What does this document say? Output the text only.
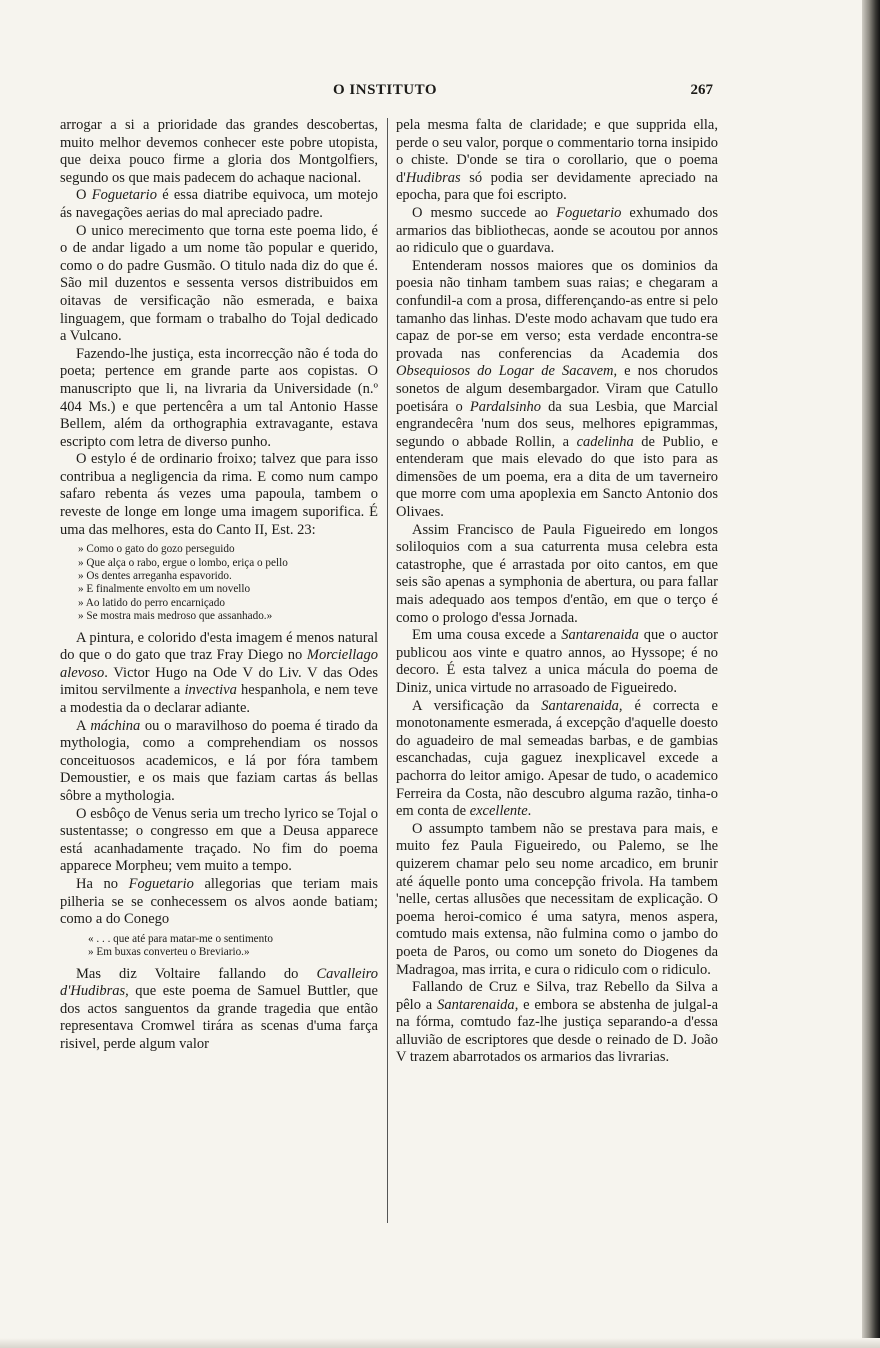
O INSTITUTO	267

arrogar a si a prioridade das grandes descobertas, muito melhor devemos conhecer este pobre utopista, que deixa pouco firme a gloria dos Montgolfiers, segundo os que mais padecem do achaque nacional.

O Foguetario é essa diatribe equivoca, um motejo ás navegações aerias do mal apreciado padre.

O unico merecimento que torna este poema lido, é o de andar ligado a um nome tão popular e querido, como o do padre Gusmão. O titulo nada diz do que é. São mil duzentos e sessenta versos distribuidos em oitavas de versificação não esmerada, e baixa linguagem, que formam o trabalho do Tojal dedicado a Vulcano.

Fazendo-lhe justiça, esta incorrecção não é toda do poeta; pertence em grande parte aos copistas. O manuscripto que li, na livraria da Universidade (n.º 404 Ms.) e que pertencêra a um tal Antonio Hasse Bellem, além da orthographia extravagante, estava escripto com letra de diverso punho.

O estylo é de ordinario froixo; talvez que para isso contribua a negligencia da rima. E como num campo safaro rebenta ás vezes uma papoula, tambem o reveste de longe em longe uma imagem suporifica. É uma das melhores, esta do Canto II, Est. 23:

» Como o gato do gozo perseguido
» Que alça o rabo, ergue o lombo, eriça o pello
» Os dentes arreganha espavorido.
» E finalmente envolto em um novello
» Ao latido do perro encarniçado
» Se mostra mais medroso que assanhado.»

A pintura, e colorido d'esta imagem é menos natural do que o do gato que traz Fray Diego no Morciellago alevoso. Victor Hugo na Ode V do Liv. V das Odes imitou servilmente a invectiva hespanhola, e nem teve a modestia da o declarar adiante.

A máchina ou o maravilhoso do poema é tirado da mythologia, como a comprehendiam os nossos conceituosos academicos, e lá por fóra tambem Demoustier, e os mais que faziam cartas ás bellas sôbre a mythologia.

O esbôço de Venus seria um trecho lyrico se Tojal o sustentasse; o congresso em que a Deusa apparece está acanhadamente traçado. No fim do poema apparece Morpheu; vem muito a tempo.

Ha no Foguetario allegorias que teriam mais pilheria se se conhecessem os alvos aonde batiam; como a do Conego

« . . . que até para matar-me o sentimento
» Em buxas converteu o Breviario.»

Mas diz Voltaire fallando do Cavalleiro d'Hudibras, que este poema de Samuel Buttler, que dos actos sanguentos da grande tragedia que então representava Cromwel tirára as scenas d'uma farça risivel, perde algum valor

pela mesma falta de claridade; e que supprida ella, perde o seu valor, porque o commentario torna insipido o chiste. D'onde se tira o corollario, que o poema d'Hudibras só podia ser devidamente apreciado na epocha, para que foi escripto.

O mesmo succede ao Foguetario exhumado dos armarios das bibliothecas, aonde se acoutou por annos ao ridiculo que o guardava.

Entenderam nossos maiores que os dominios da poesia não tinham tambem suas raias; e chegaram a confundil-a com a prosa, differençando-as entre si pelo tamanho das linhas. D'este modo achavam que tudo era capaz de por-se em verso; esta verdade encontra-se provada nas conferencias da Academia dos Obsequiosos do Logar de Sacavem, e nos chorudos sonetos de algum desembargador. Viram que Catullo poetisára o Pardalsinho da sua Lesbia, que Marcial engrandecêra 'num dos seus, melhores epigrammas, segundo o abbade Rollin, a cadelinha de Publio, e entenderam que mais elevado do que isto para as dimensões de um poema, era a dita de um taverneiro que morre com uma apoplexia em Sancto Antonio dos Olivaes.

Assim Francisco de Paula Figueiredo em longos soliloquios com a sua caturrenta musa celebra esta catastrophe, que é arrastada por oito cantos, em que seis são apenas a symphonia de abertura, ou para fallar mais adequado aos tempos d'então, em que o terço é como o prologo d'essa Jornada.

Em uma cousa excede a Santarenaida que o auctor publicou aos vinte e quatro annos, ao Hyssope; é no decoro. É esta talvez a unica mácula do poema de Diniz, unica virtude no arrasoado de Figueiredo.

A versificação da Santarenaida, é correcta e monotonamente esmerada, á excepção d'aquelle doesto do aguadeiro de mal semeadas barbas, e de gambias escanchadas, cuja gaguez inexplicavel excede a pachorra do leitor amigo. Apesar de tudo, o academico Ferreira da Costa, não descubro alguma razão, tinha-o em conta de excellente.

O assumpto tambem não se prestava para mais, e muito fez Paula Figueiredo, ou Palemo, se lhe quizerem chamar pelo seu nome arcadico, em brunir até áquelle ponto uma concepção frivola. Ha tambem 'nelle, certas allusões que necessitam de explicação. O poema heroi-comico é uma satyra, menos aspera, comtudo mais extensa, não fulmina como o jambo do poeta de Paros, ou como um soneto do Diogenes da Madragoa, mas irrita, e cura o ridiculo com o ridiculo.

Fallando de Cruz e Silva, traz Rebello da Silva a pêlo a Santarenaida, e embora se abstenha de julgal-a na fórma, comtudo faz-lhe justiça separando-a d'essa alluvião de escriptores que desde o reinado de D. João V trazem abarrotados os armarios das livrarias.
